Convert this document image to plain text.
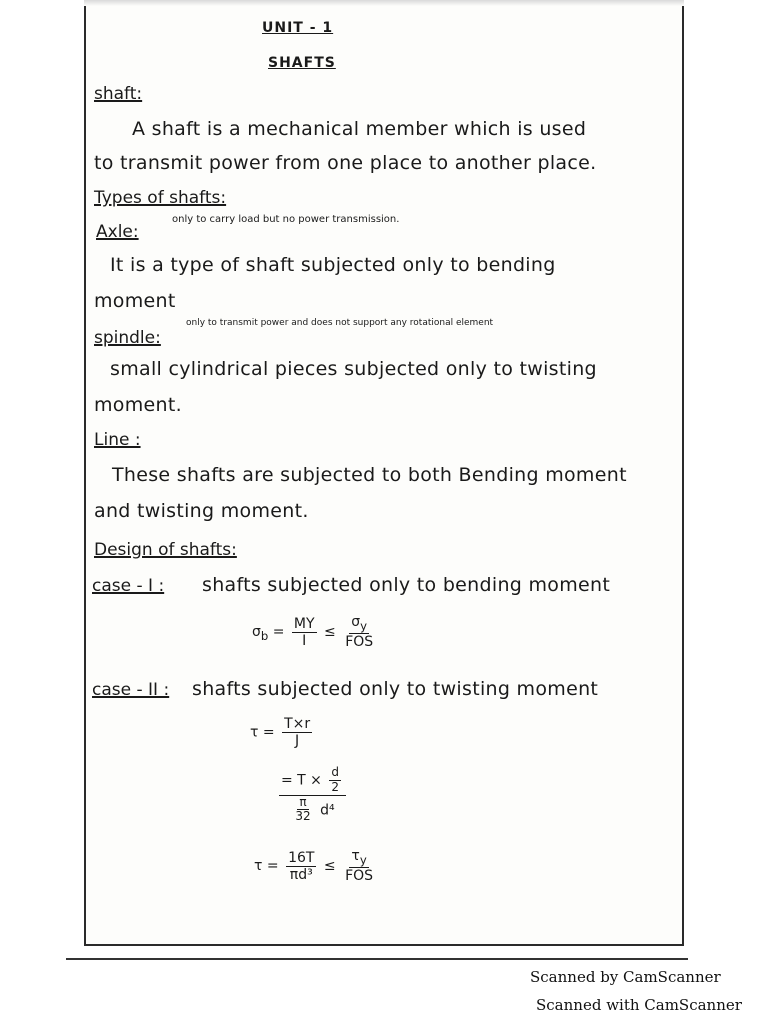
UNIT - 1
SHAFTS
shaft:
A shaft is a mechanical member which is used
to transmit power from one place to another place.
Types of shafts:
Axle:
only to carry load but no power transmission.
It is a type of shaft subjected only to bending
moment
spindle:
only to transmit power and does not support any rotational element
small cylindrical pieces subjected only to twisting
moment.
Line :
These shafts are subjected to both Bending moment
and twisting moment.
Design of shafts:
case - I : shafts subjected only to bending moment
$\sigma_b = \frac{MY}{I} \le \frac{\sigma_y}{\text{FOS}}$
case - II : shafts subjected only to twisting moment
$\tau = \frac{T\times r}{J}$
$\frac{= T \times \frac{d}{2}}{\frac{\pi}{32} d^4}$
$\tau = \frac{16T}{\text{πd³}} \le \frac{\tau_y}{\text{FOS}}$
Scanned by CamScanner
Scanned with CamScanner
